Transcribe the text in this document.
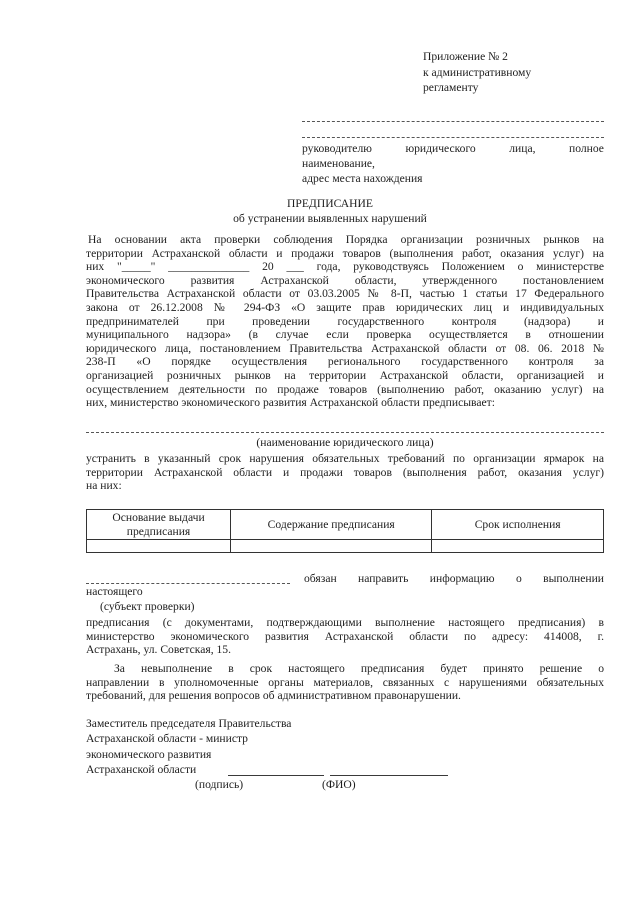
Приложение № 2
к административному
регламенту
руководителю	юридического	лица,	полное
наименование,
адрес места нахождения
ПРЕДПИСАНИЕ
об устранении выявленных нарушений
На основании акта проверки соблюдения Порядка организации розничных рынков на
территории Астраханской области и продажи товаров (выполнения работ, оказания услуг) на
них "_____" ______________ 20 ___ года, руководствуясь Положением о министерстве
экономического развития Астраханской области, утвержденного постановлением
Правительства Астраханской области от 03.03.2005 № 8-П, частью 1 статьи 17 Федерального
закона от 26.12.2008 № 294-ФЗ «О защите прав юридических лиц и индивидуальных
предпринимателей при проведении государственного контроля (надзора) и
муниципального надзора» (в случае если проверка осуществляется в отношении
юридического лица, постановлением Правительства Астраханской области от 08. 06. 2018 №
238-П «О порядке осуществления регионального государственного контроля за
организацией розничных рынков на территории Астраханской области, организацией и
осуществлением деятельности по продаже товаров (выполнению работ, оказанию услуг) на
них, министерство экономического развития Астраханской области предписывает:
(наименование юридического лица)
устранить в указанный срок нарушения обязательных требований по организации ярмарок на
территории Астраханской области и продажи товаров (выполнения работ, оказания услуг)
на них:
Основание выдачи предписания	Содержание предписания	Срок исполнения

обязан направить информацию о выполнении
настоящего
(субъект проверки)
предписания (с документами, подтверждающими выполнение настоящего предписания) в
министерство экономического развития Астраханской области по адресу: 414008, г.
Астрахань, ул. Советская, 15.
За невыполнение в срок настоящего предписания будет принято решение о
направлении в уполномоченные органы материалов, связанных с нарушениями обязательных
требований, для решения вопросов об административном правонарушении.
Заместитель председателя Правительства
Астраханской области - министр
экономического развития
Астраханской области
(подпись)	(ФИО)
